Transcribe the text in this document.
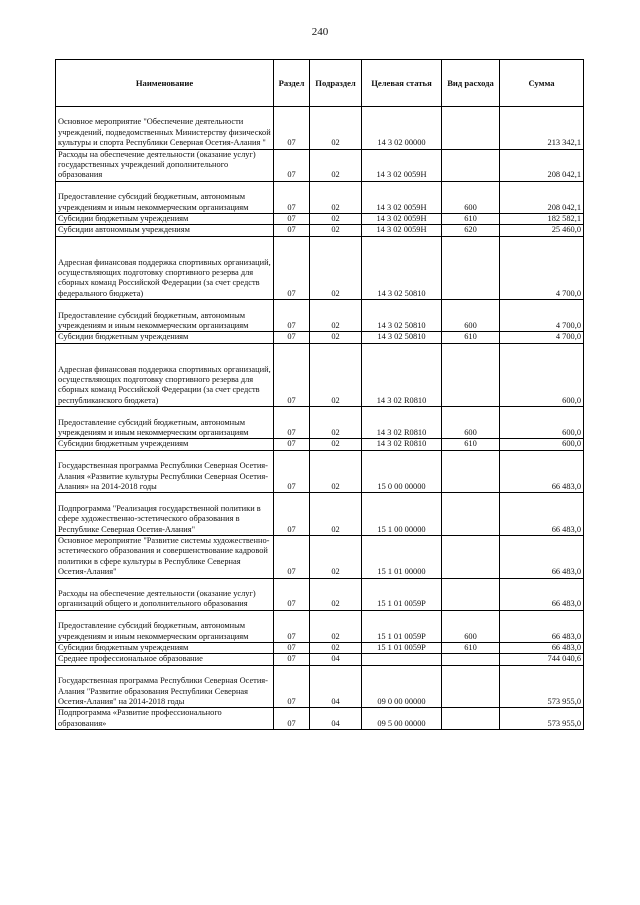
240
Наименование	Раздел	Подраздел	Целевая статья	Вид расхода	Сумма
Основное мероприятие "Обеспечение деятельности учреждений, подведомственных Министерству физической культуры и спорта Республики Северная Осетия-Алания "	07	02	14 3 02 00000		213 342,1
Расходы на обеспечение деятельности (оказание услуг) государственных учреждений дополнительного образования	07	02	14 3 02 0059Н		208 042,1
Предоставление субсидий бюджетным, автономным учреждениям и иным некоммерческим организациям	07	02	14 3 02 0059Н	600	208 042,1
Субсидии бюджетным учреждениям	07	02	14 3 02 0059Н	610	182 582,1
Субсидии автономным учреждениям	07	02	14 3 02 0059Н	620	25 460,0
Адресная финансовая поддержка спортивных организаций, осуществляющих подготовку спортивного резерва для сборных команд Российской Федерации (за счет средств федерального бюджета)	07	02	14 3 02 50810		4 700,0
Предоставление субсидий бюджетным, автономным учреждениям и иным некоммерческим организациям	07	02	14 3 02 50810	600	4 700,0
Субсидии бюджетным учреждениям	07	02	14 3 02 50810	610	4 700,0
Адресная финансовая поддержка спортивных организаций, осуществляющих подготовку спортивного резерва для сборных команд Российской Федерации (за счет средств республиканского бюджета)	07	02	14 3 02 R0810		600,0
Предоставление субсидий бюджетным, автономным учреждениям и иным некоммерческим организациям	07	02	14 3 02 R0810	600	600,0
Субсидии бюджетным учреждениям	07	02	14 3 02 R0810	610	600,0
Государственная программа Республики Северная Осетия-Алания «Развитие культуры Республики Северная Осетия-Алания» на 2014-2018 годы	07	02	15 0 00 00000		66 483,0
Подпрограмма "Реализация государственной политики в сфере художественно-эстетического образования в Республике Северная Осетия-Алания"	07	02	15 1 00 00000		66 483,0
Основное мероприятие "Развитие системы художественно-эстетического образования и совершенствование кадровой политики в сфере культуры в Республике Северная Осетия-Алания"	07	02	15 1 01 00000		66 483,0
Расходы на обеспечение деятельности (оказание услуг) организаций общего и дополнительного образования	07	02	15 1 01 0059Р		66 483,0
Предоставление субсидий бюджетным, автономным учреждениям и иным некоммерческим организациям	07	02	15 1 01 0059Р	600	66 483,0
Субсидии бюджетным учреждениям	07	02	15 1 01 0059Р	610	66 483,0
Среднее профессиональное образование	07	04			744 040,6
Государственная программа Республики Северная Осетия-Алания "Развитие образования Республики Северная Осетия-Алания" на 2014-2018 годы	07	04	09 0 00 00000		573 955,0
Подпрограмма «Развитие профессионального образования»	07	04	09 5 00 00000		573 955,0
